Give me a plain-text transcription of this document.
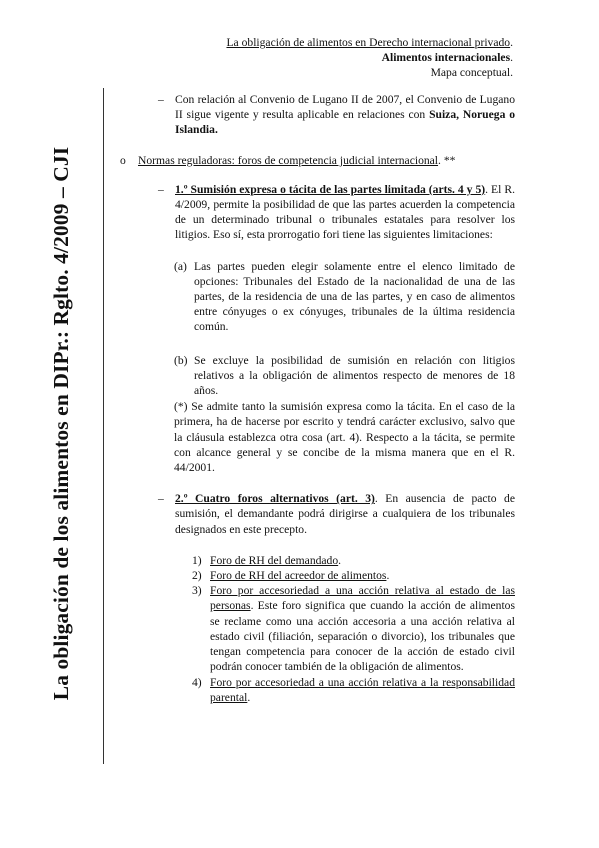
La obligación de los alimentos en DIPr.: Rglto. 4/2009 – CJI
La obligación de alimentos en Derecho internacional privado.
Alimentos internacionales.
Mapa conceptual.
– Con relación al Convenio de Lugano II de 2007, el Convenio de Lugano II sigue vigente y resulta aplicable en relaciones con Suiza, Noruega o Islandia.
o Normas reguladoras: foros de competencia judicial internacional. **
– 1.º Sumisión expresa o tácita de las partes limitada (arts. 4 y 5). El R. 4/2009, permite la posibilidad de que las partes acuerden la competencia de un determinado tribunal o tribunales estatales para resolver los litigios. Eso sí, esta prorrogatio fori tiene las siguientes limitaciones:
(a) Las partes pueden elegir solamente entre el elenco limitado de opciones: Tribunales del Estado de la nacionalidad de una de las partes, de la residencia de una de las partes, y en caso de alimentos entre cónyuges o ex cónyuges, tribunales de la última residencia común.
(b) Se excluye la posibilidad de sumisión en relación con litigios relativos a la obligación de alimentos respecto de menores de 18 años.
(*) Se admite tanto la sumisión expresa como la tácita. En el caso de la primera, ha de hacerse por escrito y tendrá carácter exclusivo, salvo que la cláusula establezca otra cosa (art. 4). Respecto a la tácita, se permite con alcance general y se concibe de la misma manera que en el R. 44/2001.
– 2.º Cuatro foros alternativos (art. 3). En ausencia de pacto de sumisión, el demandante podrá dirigirse a cualquiera de los tribunales designados en este precepto.
1) Foro de RH del demandado.
2) Foro de RH del acreedor de alimentos.
3) Foro por accesoriedad a una acción relativa al estado de las personas. Este foro significa que cuando la acción de alimentos se reclame como una acción accesoria a una acción relativa al estado civil (filiación, separación o divorcio), los tribunales que tengan competencia para conocer de la acción de estado civil podrán conocer también de la obligación de alimentos.
4) Foro por accesoriedad a una acción relativa a la responsabilidad parental.
